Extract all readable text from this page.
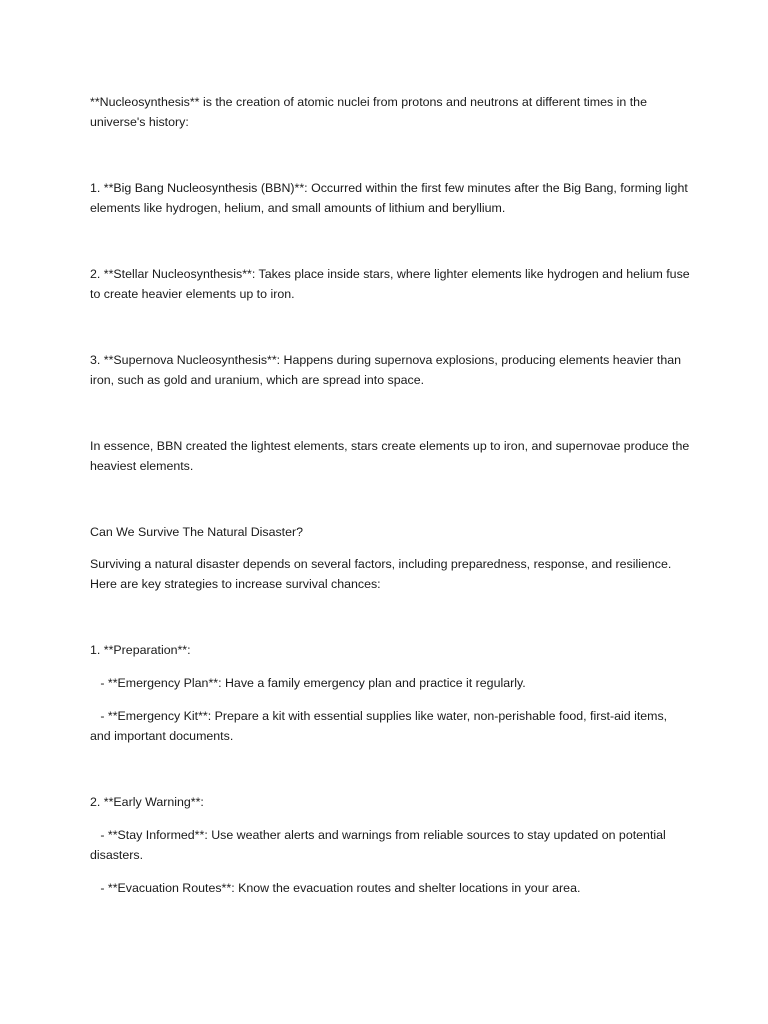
**Nucleosynthesis** is the creation of atomic nuclei from protons and neutrons at different times in the universe's history:

1. **Big Bang Nucleosynthesis (BBN)**: Occurred within the first few minutes after the Big Bang, forming light elements like hydrogen, helium, and small amounts of lithium and beryllium.

2. **Stellar Nucleosynthesis**: Takes place inside stars, where lighter elements like hydrogen and helium fuse to create heavier elements up to iron.

3. **Supernova Nucleosynthesis**: Happens during supernova explosions, producing elements heavier than iron, such as gold and uranium, which are spread into space.

In essence, BBN created the lightest elements, stars create elements up to iron, and supernovae produce the heaviest elements.

Can We Survive The Natural Disaster?

Surviving a natural disaster depends on several factors, including preparedness, response, and resilience. Here are key strategies to increase survival chances:

1. **Preparation**:

- **Emergency Plan**: Have a family emergency plan and practice it regularly.

- **Emergency Kit**: Prepare a kit with essential supplies like water, non-perishable food, first-aid items, and important documents.

2. **Early Warning**:

- **Stay Informed**: Use weather alerts and warnings from reliable sources to stay updated on potential disasters.

- **Evacuation Routes**: Know the evacuation routes and shelter locations in your area.
